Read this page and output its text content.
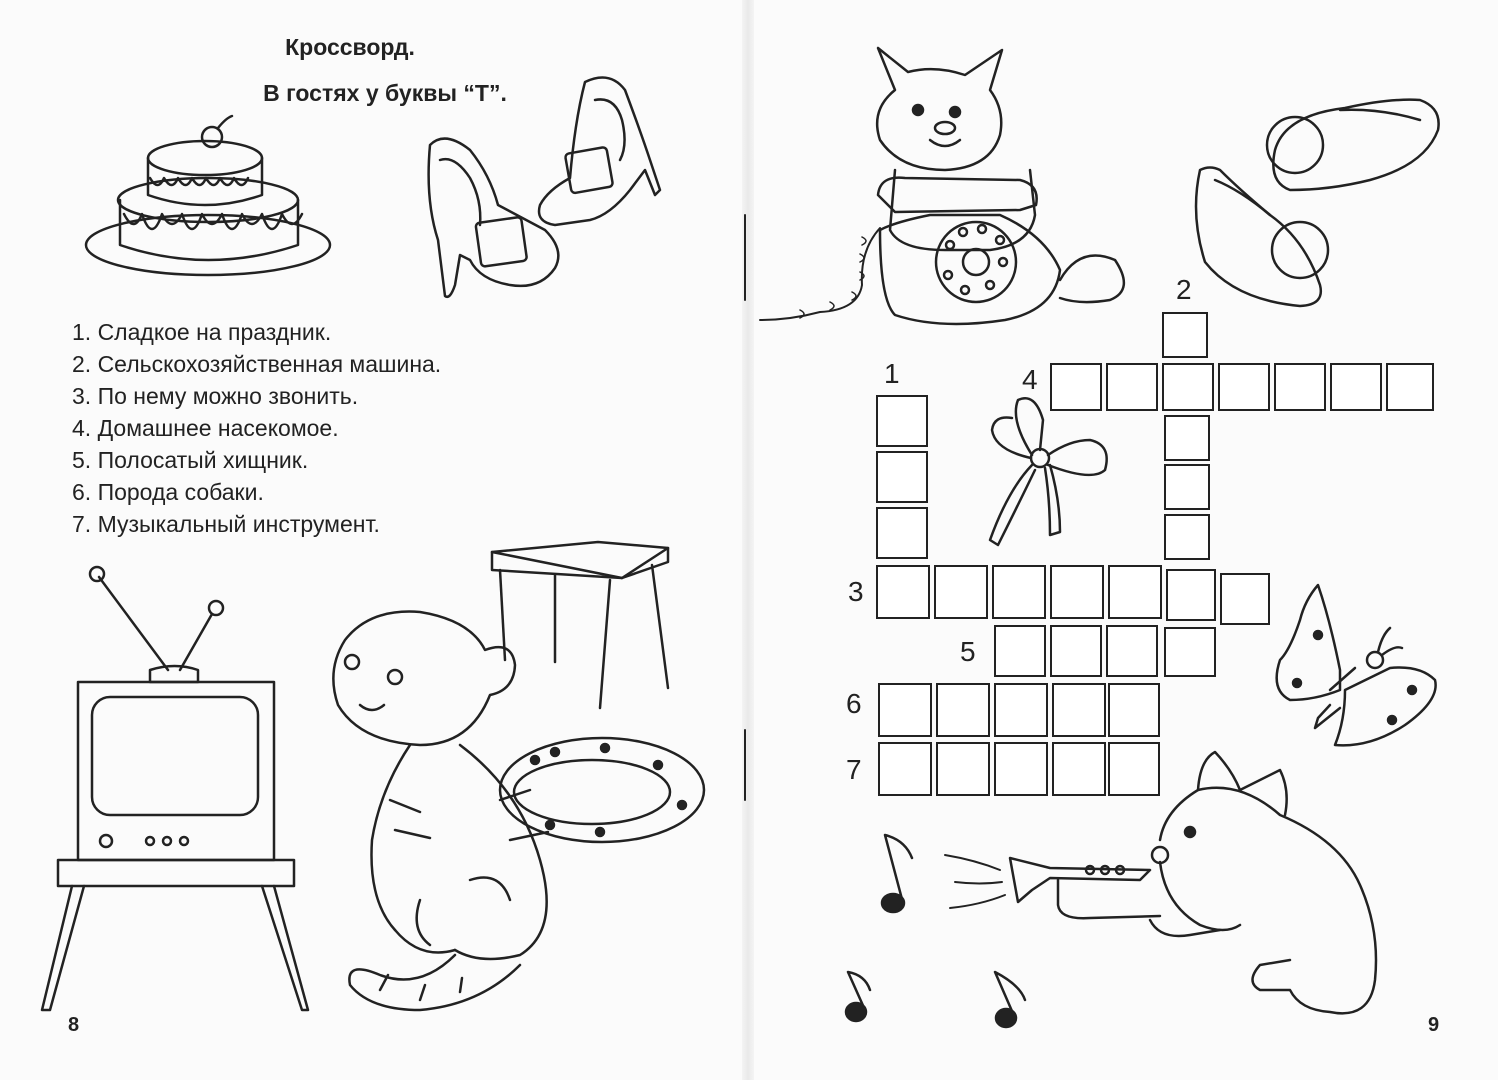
Кроссворд.
В гостях у буквы “Т”.
1. Сладкое на праздник.
2. Сельскохозяйственная машина.
3. По нему можно звонить.
4. Домашнее насекомое.
5. Полосатый хищник.
6. Порода собаки.
7. Музыкальный инструмент.
8	9
1
2
3
4
5
6
7
